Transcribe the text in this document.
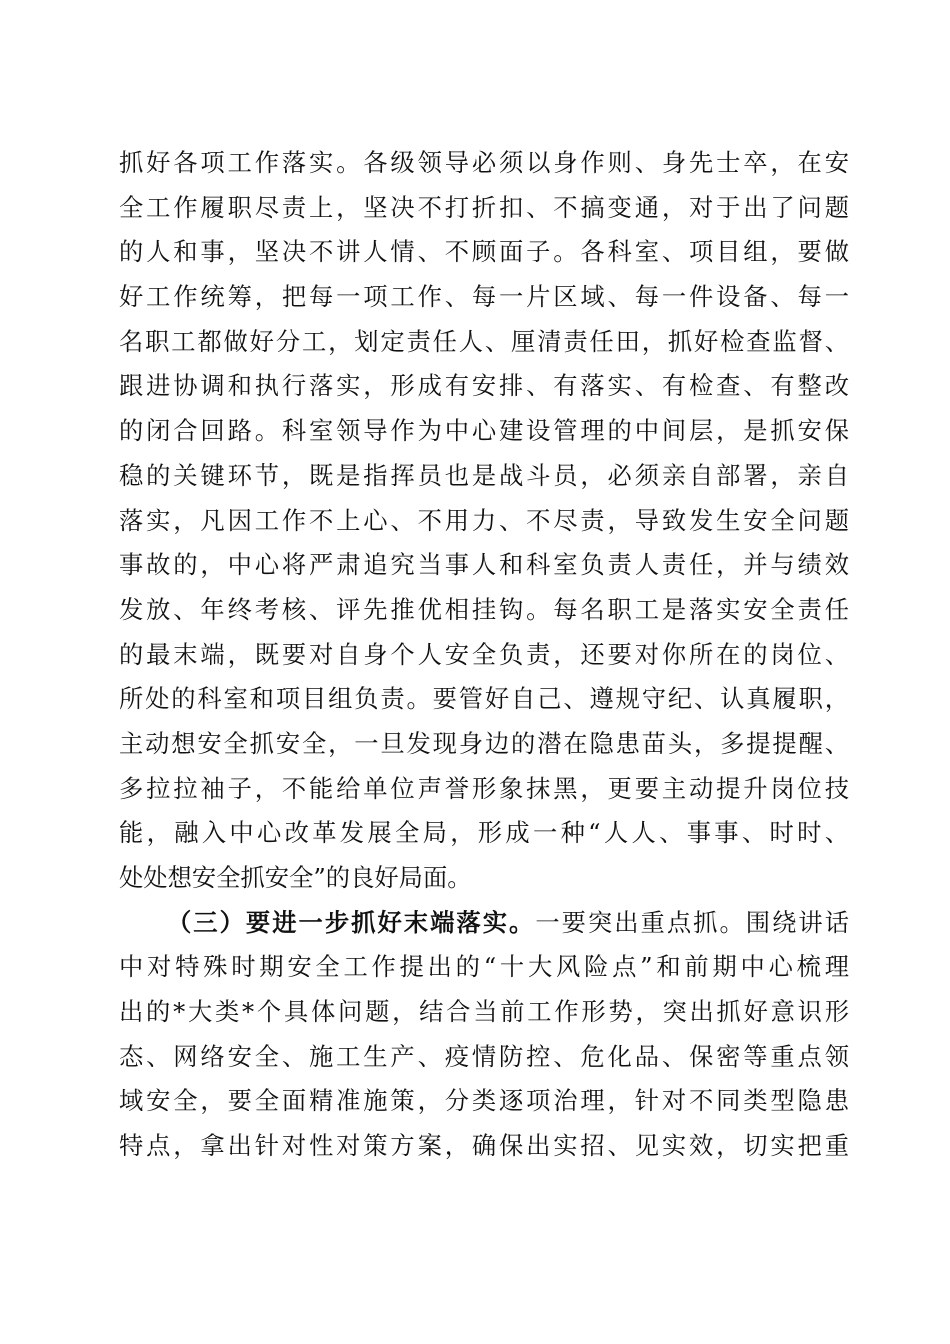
抓好各项工作落实。各级领导必须以身作则、身先士卒，在安
全工作履职尽责上，坚决不打折扣、不搞变通，对于出了问题
的人和事，坚决不讲人情、不顾面子。各科室、项目组，要做
好工作统筹，把每一项工作、每一片区域、每一件设备、每一
名职工都做好分工，划定责任人、厘清责任田，抓好检查监督、
跟进协调和执行落实，形成有安排、有落实、有检查、有整改
的闭合回路。科室领导作为中心建设管理的中间层，是抓安保
稳的关键环节，既是指挥员也是战斗员，必须亲自部署，亲自
落实，凡因工作不上心、不用力、不尽责，导致发生安全问题
事故的，中心将严肃追究当事人和科室负责人责任，并与绩效
发放、年终考核、评先推优相挂钩。每名职工是落实安全责任
的最末端，既要对自身个人安全负责，还要对你所在的岗位、
所处的科室和项目组负责。要管好自己、遵规守纪、认真履职，
主动想安全抓安全，一旦发现身边的潜在隐患苗头，多提提醒、
多拉拉袖子，不能给单位声誉形象抹黑，更要主动提升岗位技
能，融入中心改革发展全局，形成一种“人人、事事、时时、
处处想安全抓安全”的良好局面。
（三）要进一步抓好末端落实。一要突出重点抓。围绕讲话
中对特殊时期安全工作提出的“十大风险点”和前期中心梳理
出的*大类*个具体问题，结合当前工作形势，突出抓好意识形
态、网络安全、施工生产、疫情防控、危化品、保密等重点领
域安全，要全面精准施策，分类逐项治理，针对不同类型隐患
特点，拿出针对性对策方案，确保出实招、见实效，切实把重
